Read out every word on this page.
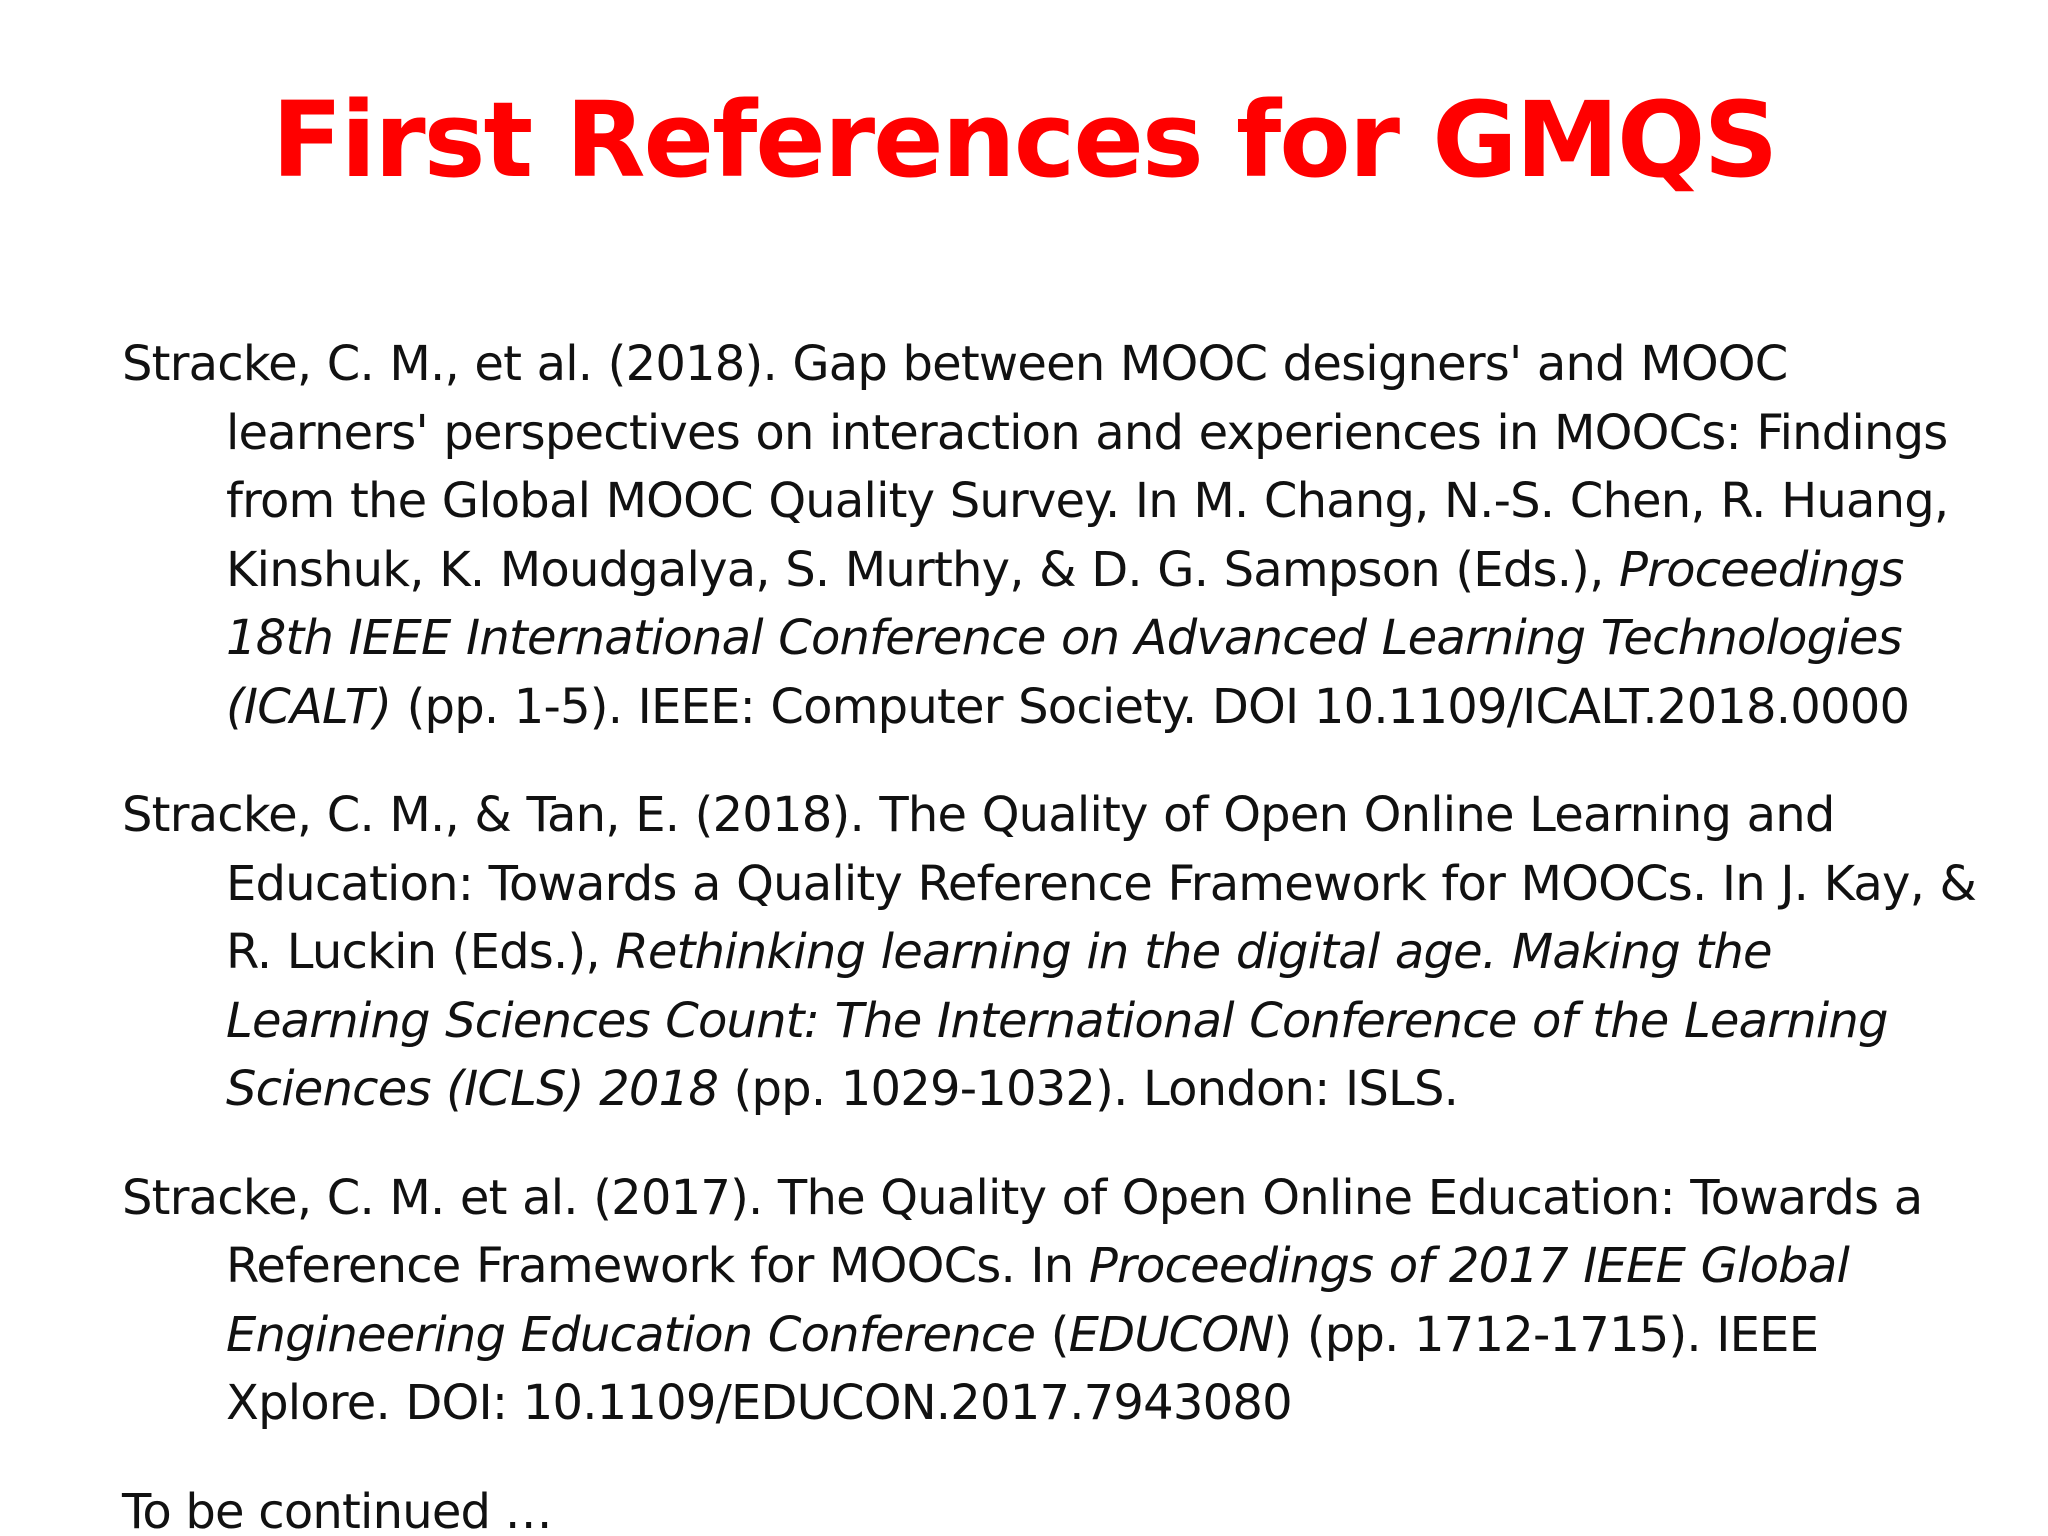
First References for GMQS

Stracke, C. M., et al. (2018). Gap between MOOC designers' and MOOC learners' perspectives on interaction and experiences in MOOCs: Findings from the Global MOOC Quality Survey. In M. Chang, N.-S. Chen, R. Huang, Kinshuk, K. Moudgalya, S. Murthy, & D. G. Sampson (Eds.), Proceedings 18th IEEE International Conference on Advanced Learning Technologies (ICALT) (pp. 1-5). IEEE: Computer Society. DOI 10.1109/ICALT.2018.0000

Stracke, C. M., & Tan, E. (2018). The Quality of Open Online Learning and Education: Towards a Quality Reference Framework for MOOCs. In J. Kay, & R. Luckin (Eds.), Rethinking learning in the digital age. Making the Learning Sciences Count: The International Conference of the Learning Sciences (ICLS) 2018 (pp. 1029-1032). London: ISLS.

Stracke, C. M. et al. (2017). The Quality of Open Online Education: Towards a Reference Framework for MOOCs. In Proceedings of 2017 IEEE Global Engineering Education Conference (EDUCON) (pp. 1712-1715). IEEE Xplore. DOI: 10.1109/EDUCON.2017.7943080

To be continued …
